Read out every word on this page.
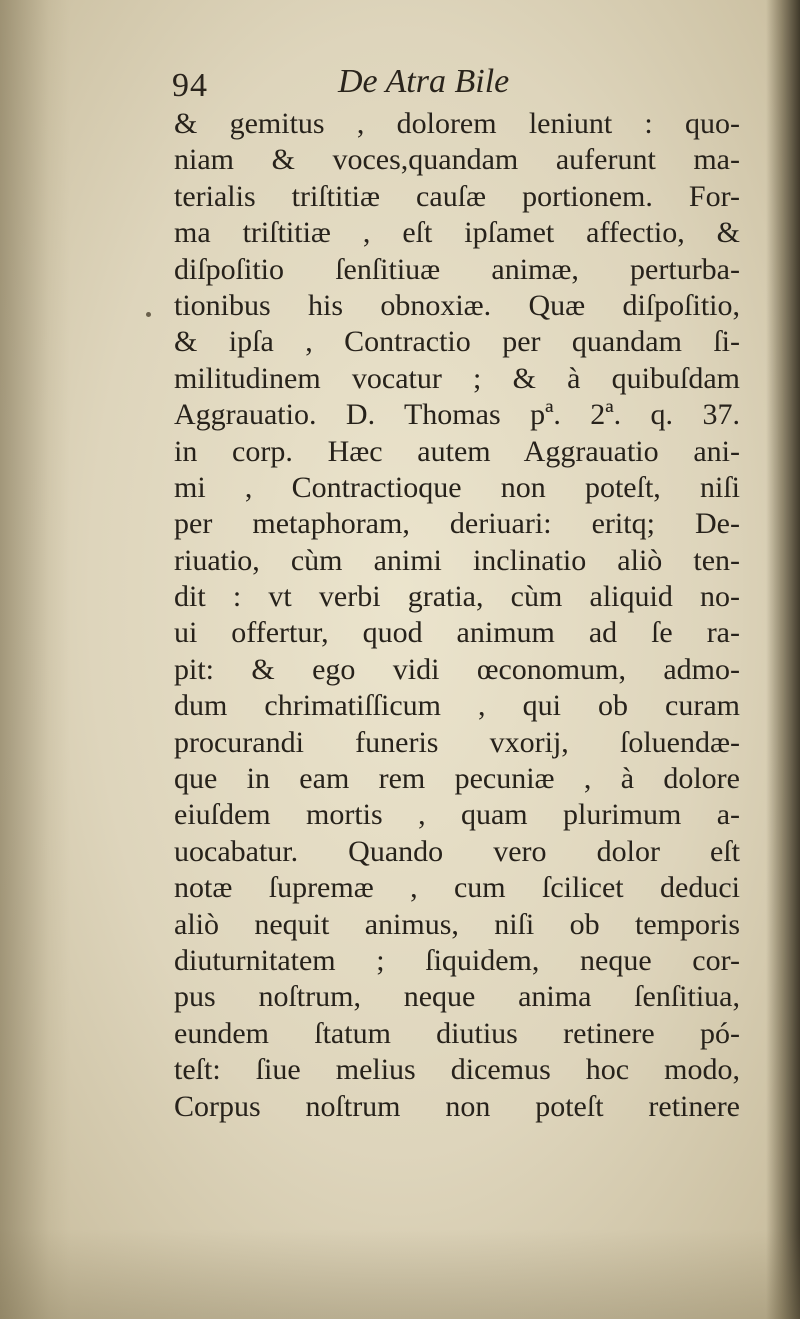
94	De Atra Bile
& gemitus , dolorem leniunt : quo-
niam & voces,quandam auferunt ma-
terialis triſtitiæ cauſæ portionem. For-
ma triſtitiæ , eſt ipſamet affectio, &
diſpoſitio ſenſitiuæ animæ, perturba-
tionibus his obnoxiæ. Quæ diſpoſitio,
& ipſa , Contractio per quandam ſi-
militudinem vocatur ; & à quibuſdam
Aggrauatio. D. Thomas pª. 2ª. q. 37.
in corp. Hæc autem Aggrauatio ani-
mi , Contractioque non poteſt, niſi
per metaphoram, deriuari: eritq; De-
riuatio, cùm animi inclinatio aliò ten-
dit : vt verbi gratia, cùm aliquid no-
ui offertur, quod animum ad ſe ra-
pit: & ego vidi œconomum, admo-
dum chrimatiſſicum , qui ob curam
procurandi funeris vxorij, ſoluendæ-
que in eam rem pecuniæ , à dolore
eiuſdem mortis , quam plurimum a-
uocabatur. Quando vero dolor eſt
notæ ſupremæ , cum ſcilicet deduci
aliò nequit animus, niſi ob temporis
diuturnitatem ; ſiquidem, neque cor-
pus noſtrum, neque anima ſenſitiua,
eundem ſtatum diutius retinere pó-
teſt: ſiue melius dicemus hoc modo,
Corpus noſtrum non poteſt retinere
